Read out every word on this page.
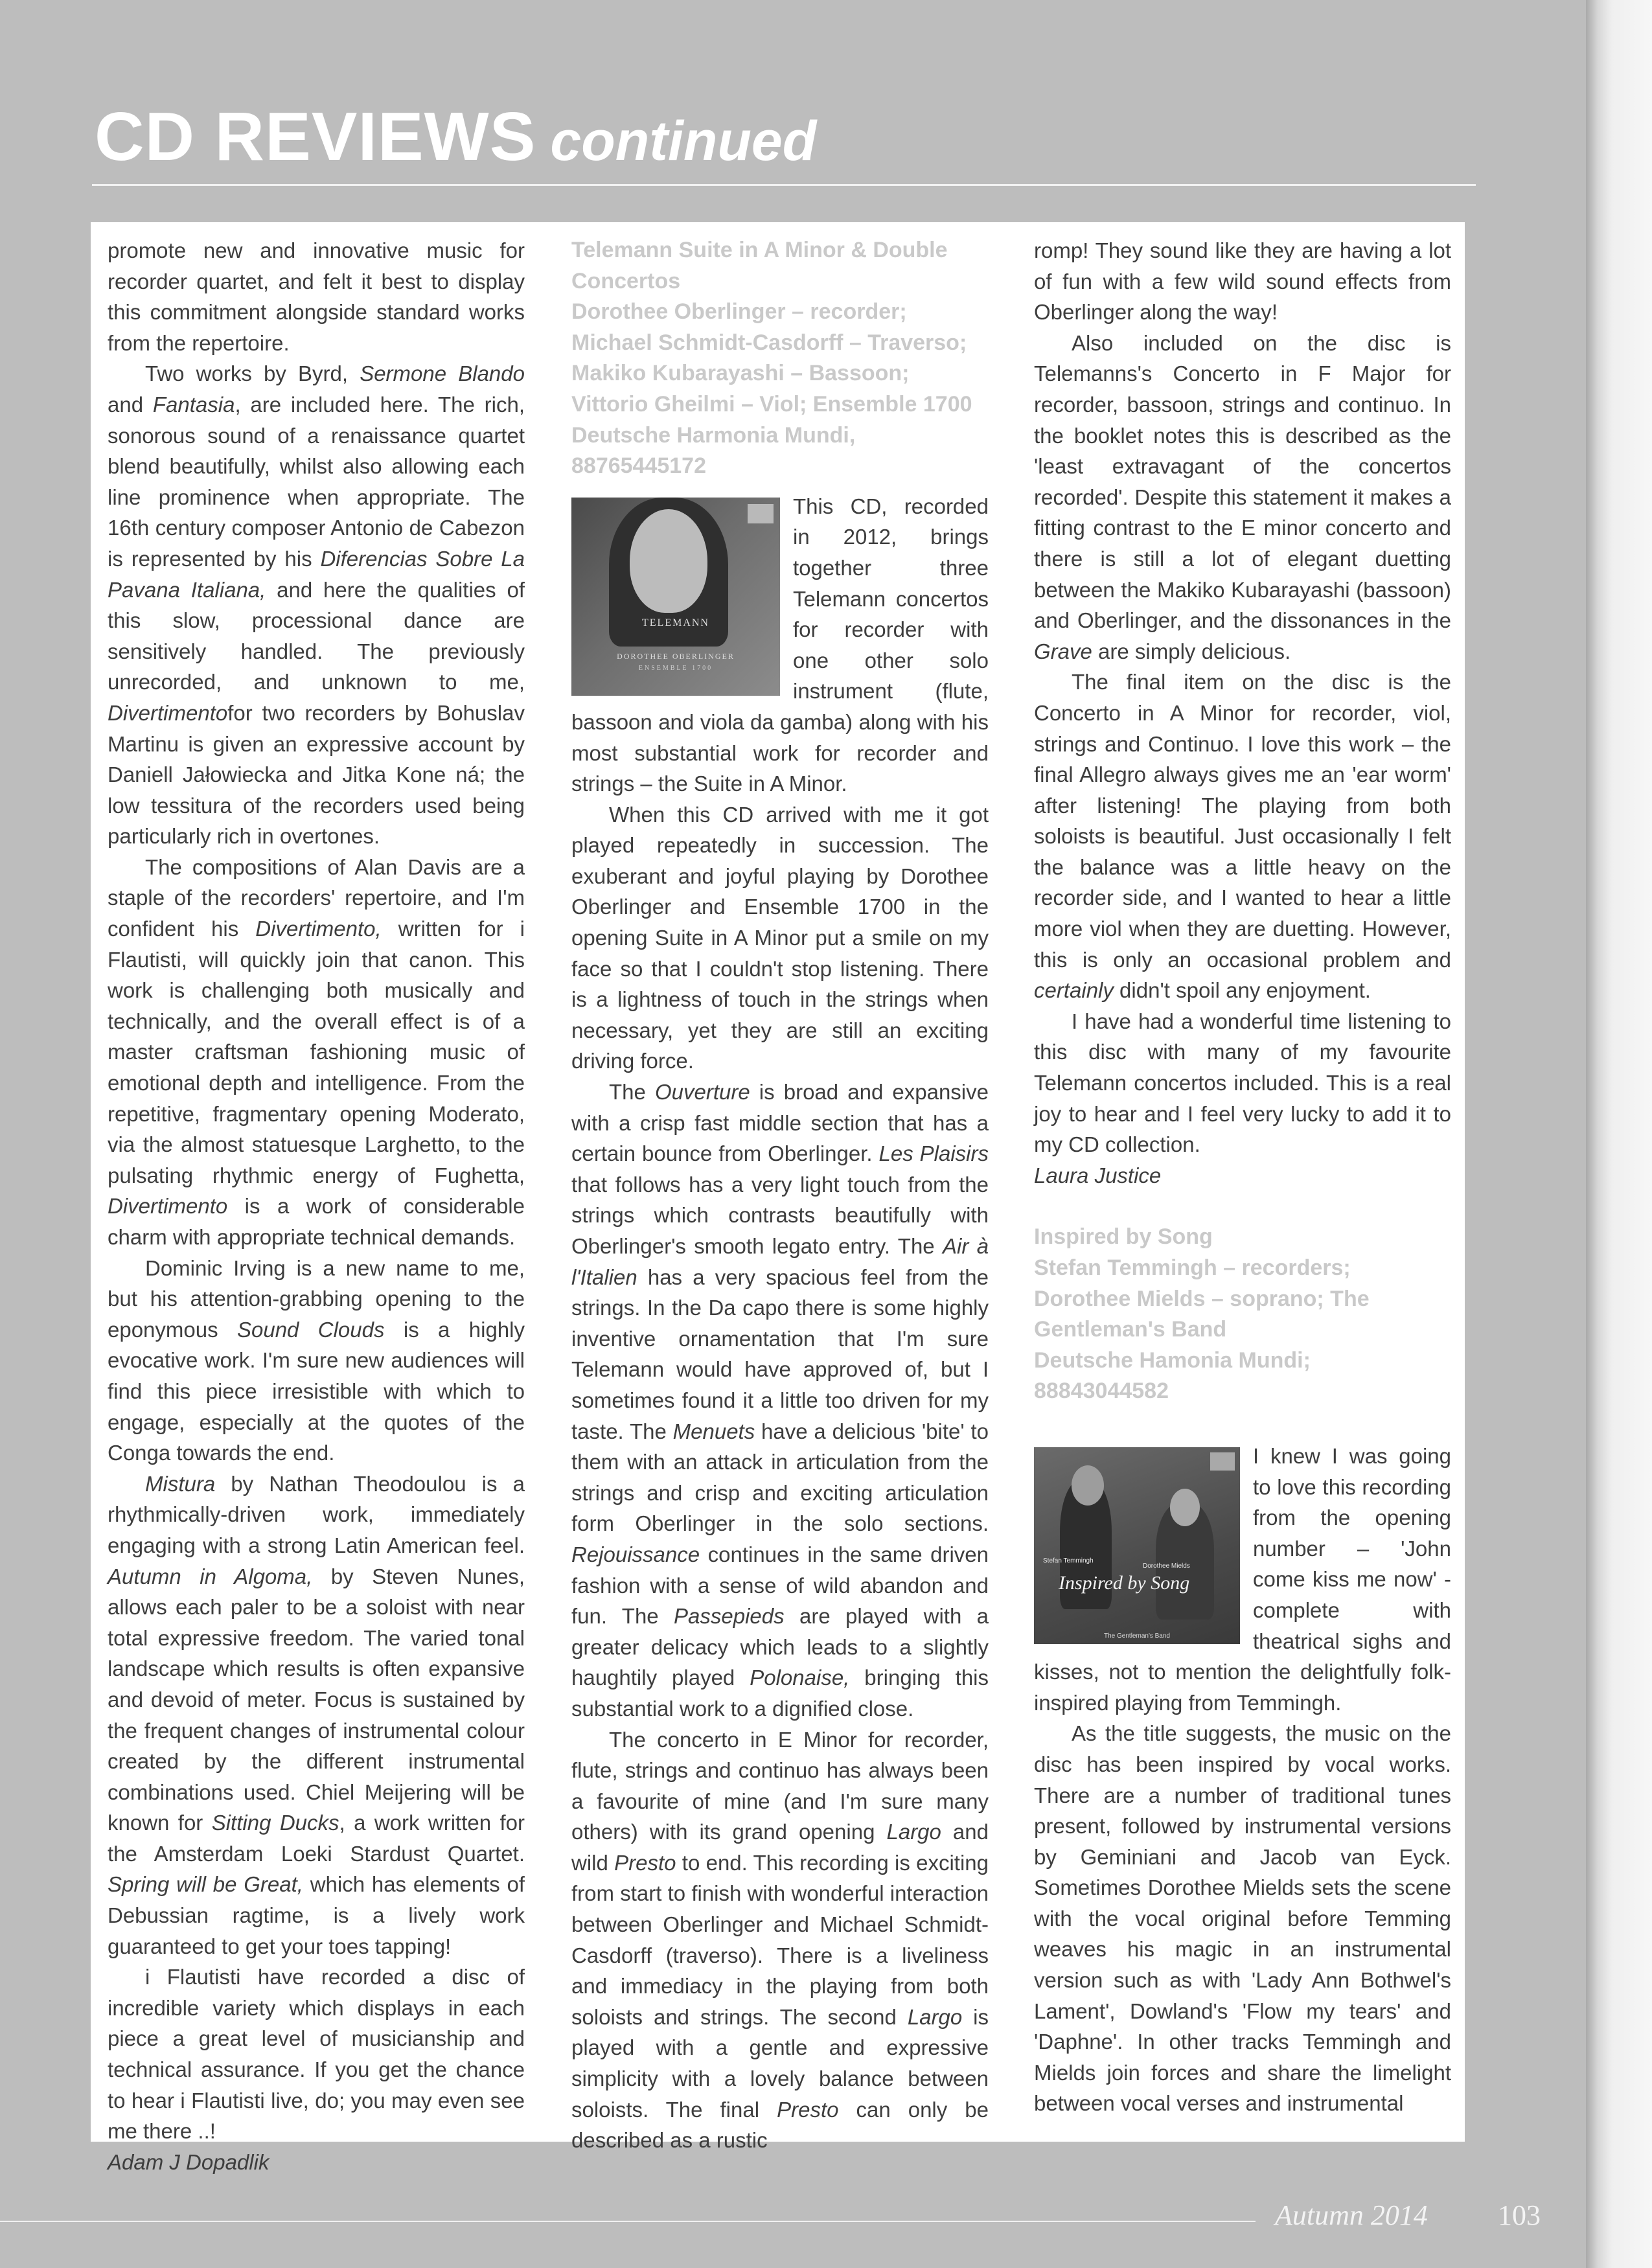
CD REVIEWS continued

promote new and innovative music for recorder quartet, and felt it best to display this commitment alongside standard works from the repertoire.

Two works by Byrd, Sermone Blando and Fantasia, are included here. The rich, sonorous sound of a renaissance quartet blend beautifully, whilst also allowing each line prominence when appropriate. The 16th century composer Antonio de Cabezon is represented by his Diferencias Sobre La Pavana Italiana, and here the qualities of this slow, processional dance are sensitively handled. The previously unrecorded, and unknown to me, Divertimentofor two recorders by Bohuslav Martinu is given an expressive account by Daniell Jałowiecka and Jitka Kone ná; the low tessitura of the recorders used being particularly rich in overtones.

The compositions of Alan Davis are a staple of the recorders' repertoire, and I'm confident his Divertimento, written for i Flautisti, will quickly join that canon. This work is challenging both musically and technically, and the overall effect is of a master craftsman fashioning music of emotional depth and intelligence. From the repetitive, fragmentary opening Moderato, via the almost statuesque Larghetto, to the pulsating rhythmic energy of Fughetta, Divertimento is a work of considerable charm with appropriate technical demands.

Dominic Irving is a new name to me, but his attention-grabbing opening to the eponymous Sound Clouds is a highly evocative work. I'm sure new audiences will find this piece irresistible with which to engage, especially at the quotes of the Conga towards the end.

Mistura by Nathan Theodoulou is a rhythmically-driven work, immediately engaging with a strong Latin American feel. Autumn in Algoma, by Steven Nunes, allows each paler to be a soloist with near total expressive freedom. The varied tonal landscape which results is often expansive and devoid of meter. Focus is sustained by the frequent changes of instrumental colour created by the different instrumental combinations used. Chiel Meijering will be known for Sitting Ducks, a work written for the Amsterdam Loeki Stardust Quartet. Spring will be Great, which has elements of Debussian ragtime, is a lively work guaranteed to get your toes tapping!

i Flautisti have recorded a disc of incredible variety which displays in each piece a great level of musicianship and technical assurance. If you get the chance to hear i Flautisti live, do; you may even see me there ..!

Adam J Dopadlik

Telemann Suite in A Minor & Double Concertos
Dorothee Oberlinger – recorder; Michael Schmidt-Casdorff – Traverso; Makiko Kubarayashi – Bassoon; Vittorio Gheilmi – Viol; Ensemble 1700
Deutsche Harmonia Mundi, 88765445172
TELEMANN
DOROTHEE OBERLINGER
ENSEMBLE 1700

This CD, recorded in 2012, brings together three Telemann concertos for recorder with one other solo instrument (flute, bassoon and viola da gamba) along with his most substantial work for recorder and strings – the Suite in A Minor.

When this CD arrived with me it got played repeatedly in succession. The exuberant and joyful playing by Dorothee Oberlinger and Ensemble 1700 in the opening Suite in A Minor put a smile on my face so that I couldn't stop listening. There is a lightness of touch in the strings when necessary, yet they are still an exciting driving force.

The Ouverture is broad and expansive with a crisp fast middle section that has a certain bounce from Oberlinger. Les Plaisirs that follows has a very light touch from the strings which contrasts beautifully with Oberlinger's smooth legato entry. The Air à l'Italien has a very spacious feel from the strings. In the Da capo there is some highly inventive ornamentation that I'm sure Telemann would have approved of, but I sometimes found it a little too driven for my taste. The Menuets have a delicious 'bite' to them with an attack in articulation from the strings and crisp and exciting articulation form Oberlinger in the solo sections. Rejouissance continues in the same driven fashion with a sense of wild abandon and fun. The Passepieds are played with a greater delicacy which leads to a slightly haughtily played Polonaise, bringing this substantial work to a dignified close.

The concerto in E Minor for recorder, flute, strings and continuo has always been a favourite of mine (and I'm sure many others) with its grand opening Largo and wild Presto to end. This recording is exciting from start to finish with wonderful interaction between Oberlinger and Michael Schmidt-Casdorff (traverso). There is a liveliness and immediacy in the playing from both soloists and strings. The second Largo is played with a gentle and expressive simplicity with a lovely balance between soloists. The final Presto can only be described as a rustic

romp! They sound like they are having a lot of fun with a few wild sound effects from Oberlinger along the way!

Also included on the disc is Telemanns's Concerto in F Major for recorder, bassoon, strings and continuo. In the booklet notes this is described as the 'least extravagant of the concertos recorded'. Despite this statement it makes a fitting contrast to the E minor concerto and there is still a lot of elegant duetting between the Makiko Kubarayashi (bassoon) and Oberlinger, and the dissonances in the Grave are simply delicious.

The final item on the disc is the Concerto in A Minor for recorder, viol, strings and Continuo. I love this work – the final Allegro always gives me an 'ear worm' after listening! The playing from both soloists is beautiful. Just occasionally I felt the balance was a little heavy on the recorder side, and I wanted to hear a little more viol when they are duetting. However, this is only an occasional problem and certainly didn't spoil any enjoyment.

I have had a wonderful time listening to this disc with many of my favourite Telemann concertos included. This is a real joy to hear and I feel very lucky to add it to my CD collection.

Laura Justice

Inspired by Song
Stefan Temmingh – recorders; Dorothee Mields – soprano; The Gentleman's Band
Deutsche Hamonia Mundi; 88843044582
Stefan Temmingh
Dorothee Mields
Inspired by Song
The Gentleman's Band

I knew I was going to love this recording from the opening number – 'John come kiss me now' - complete with theatrical sighs and kisses, not to mention the delightfully folk-inspired playing from Temmingh.

As the title suggests, the music on the disc has been inspired by vocal works. There are a number of traditional tunes present, followed by instrumental versions by Geminiani and Jacob van Eyck. Sometimes Dorothee Mields sets the scene with the vocal original before Temming weaves his magic in an instrumental version such as with 'Lady Ann Bothwel's Lament', Dowland's 'Flow my tears' and 'Daphne'. In other tracks Temmingh and Mields join forces and share the limelight between vocal verses and instrumental

Autumn 2014 103
